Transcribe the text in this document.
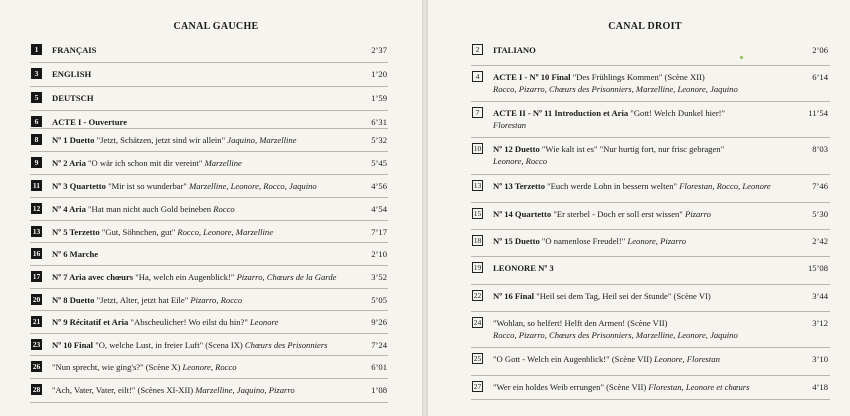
CANAL GAUCHE
1	FRANÇAIS	2’37
3	ENGLISH	1’20
5	DEUTSCH	1’59
6	ACTE I - Ouverture	6’31
8	Nº 1 Duetto "Jetzt, Schätzen, jetzt sind wir allein" Jaquino, Marzelline	5’32
9	Nº 2 Aria "O wär ich schon mit dir vereint" Marzelline	5’45
11 Nº 3 Quartetto "Mir ist so wunderbar" Marzelline, Leonore, Rocco, Jaquino	4’56
12 Nº 4 Aria "Hat man nicht auch Gold beineben Rocco	4’54
13 Nº 5 Terzetto "Gut, Söhnchen, gut" Rocco, Leonore, Marzelline	7’17
16 Nº 6 Marche	2’10
17 Nº 7 Aria avec chœurs "Ha, welch ein Augenblick!" Pizarro, Chœurs de la Garde	3’52
20 Nº 8 Duetto "Jetzt, Alter, jetzt hat Eile" Pizarro, Rocco	5’05
21 Nº 9 Récitatif et Aria "Abscheulicher! Wo eilst du hin?" Leonore	9’26
23 Nº 10 Final "O, welche Lust, in freier Luft" (Scena IX) Chœurs des Prisonniers	7’24
26 "Nun sprecht, wie ging's?" (Scène X) Leonore, Rocco	6’01
28 "Ach, Vater, Vater, eilt!" (Scènes XI-XII) Marzelline, Jaquino, Pizarro	1’08
CANAL DROIT
2	ITALIANO	2’06
4	ACTE I - Nº 10 Final "Des Frühlings Kommen" (Scène XII)
Rocco, Pizarro, Chœurs des Prisonniers, Marzelline, Leonore, Jaquino
6’14
7	ACTE II - Nº 11 Introduction et Aria "Gott! Welch Dunkel hier!"
Florestan
11’54
10 Nº 12 Duetto "Wie kalt ist es" "Nur hurtig fort, nur frisc gebragen"
Leonore, Rocco
8’03
13 Nº 13 Terzetto "Euch werde Lohn in bessern welten" Florestan, Rocco, Leonore	7’46
15 Nº 14 Quartetto "Er sterbel - Doch er soll erst wissen" Pizarro	5’30
18 Nº 15 Duetto "O namenlose Freudel!" Leonore, Pizarro	2’42
19 LEONORE Nº 3	15’08
22 Nº 16 Final "Heil sei dem Tag, Heil sei der Stunde" (Scène VI)	3’44
24 "Wohlan, so helfert! Helft den Armen! (Scène VII)
Rocco, Pizarro, Chœurs des Prisonniers, Marzelline, Leonore, Jaquino
3’12
25 "O Gott - Welch ein Augenblick!" (Scène VII) Leonore, Florestan	3’10
27 "Wer ein holdes Weib errungen" (Scène VII) Florestan, Leonore et chœurs	4’18
